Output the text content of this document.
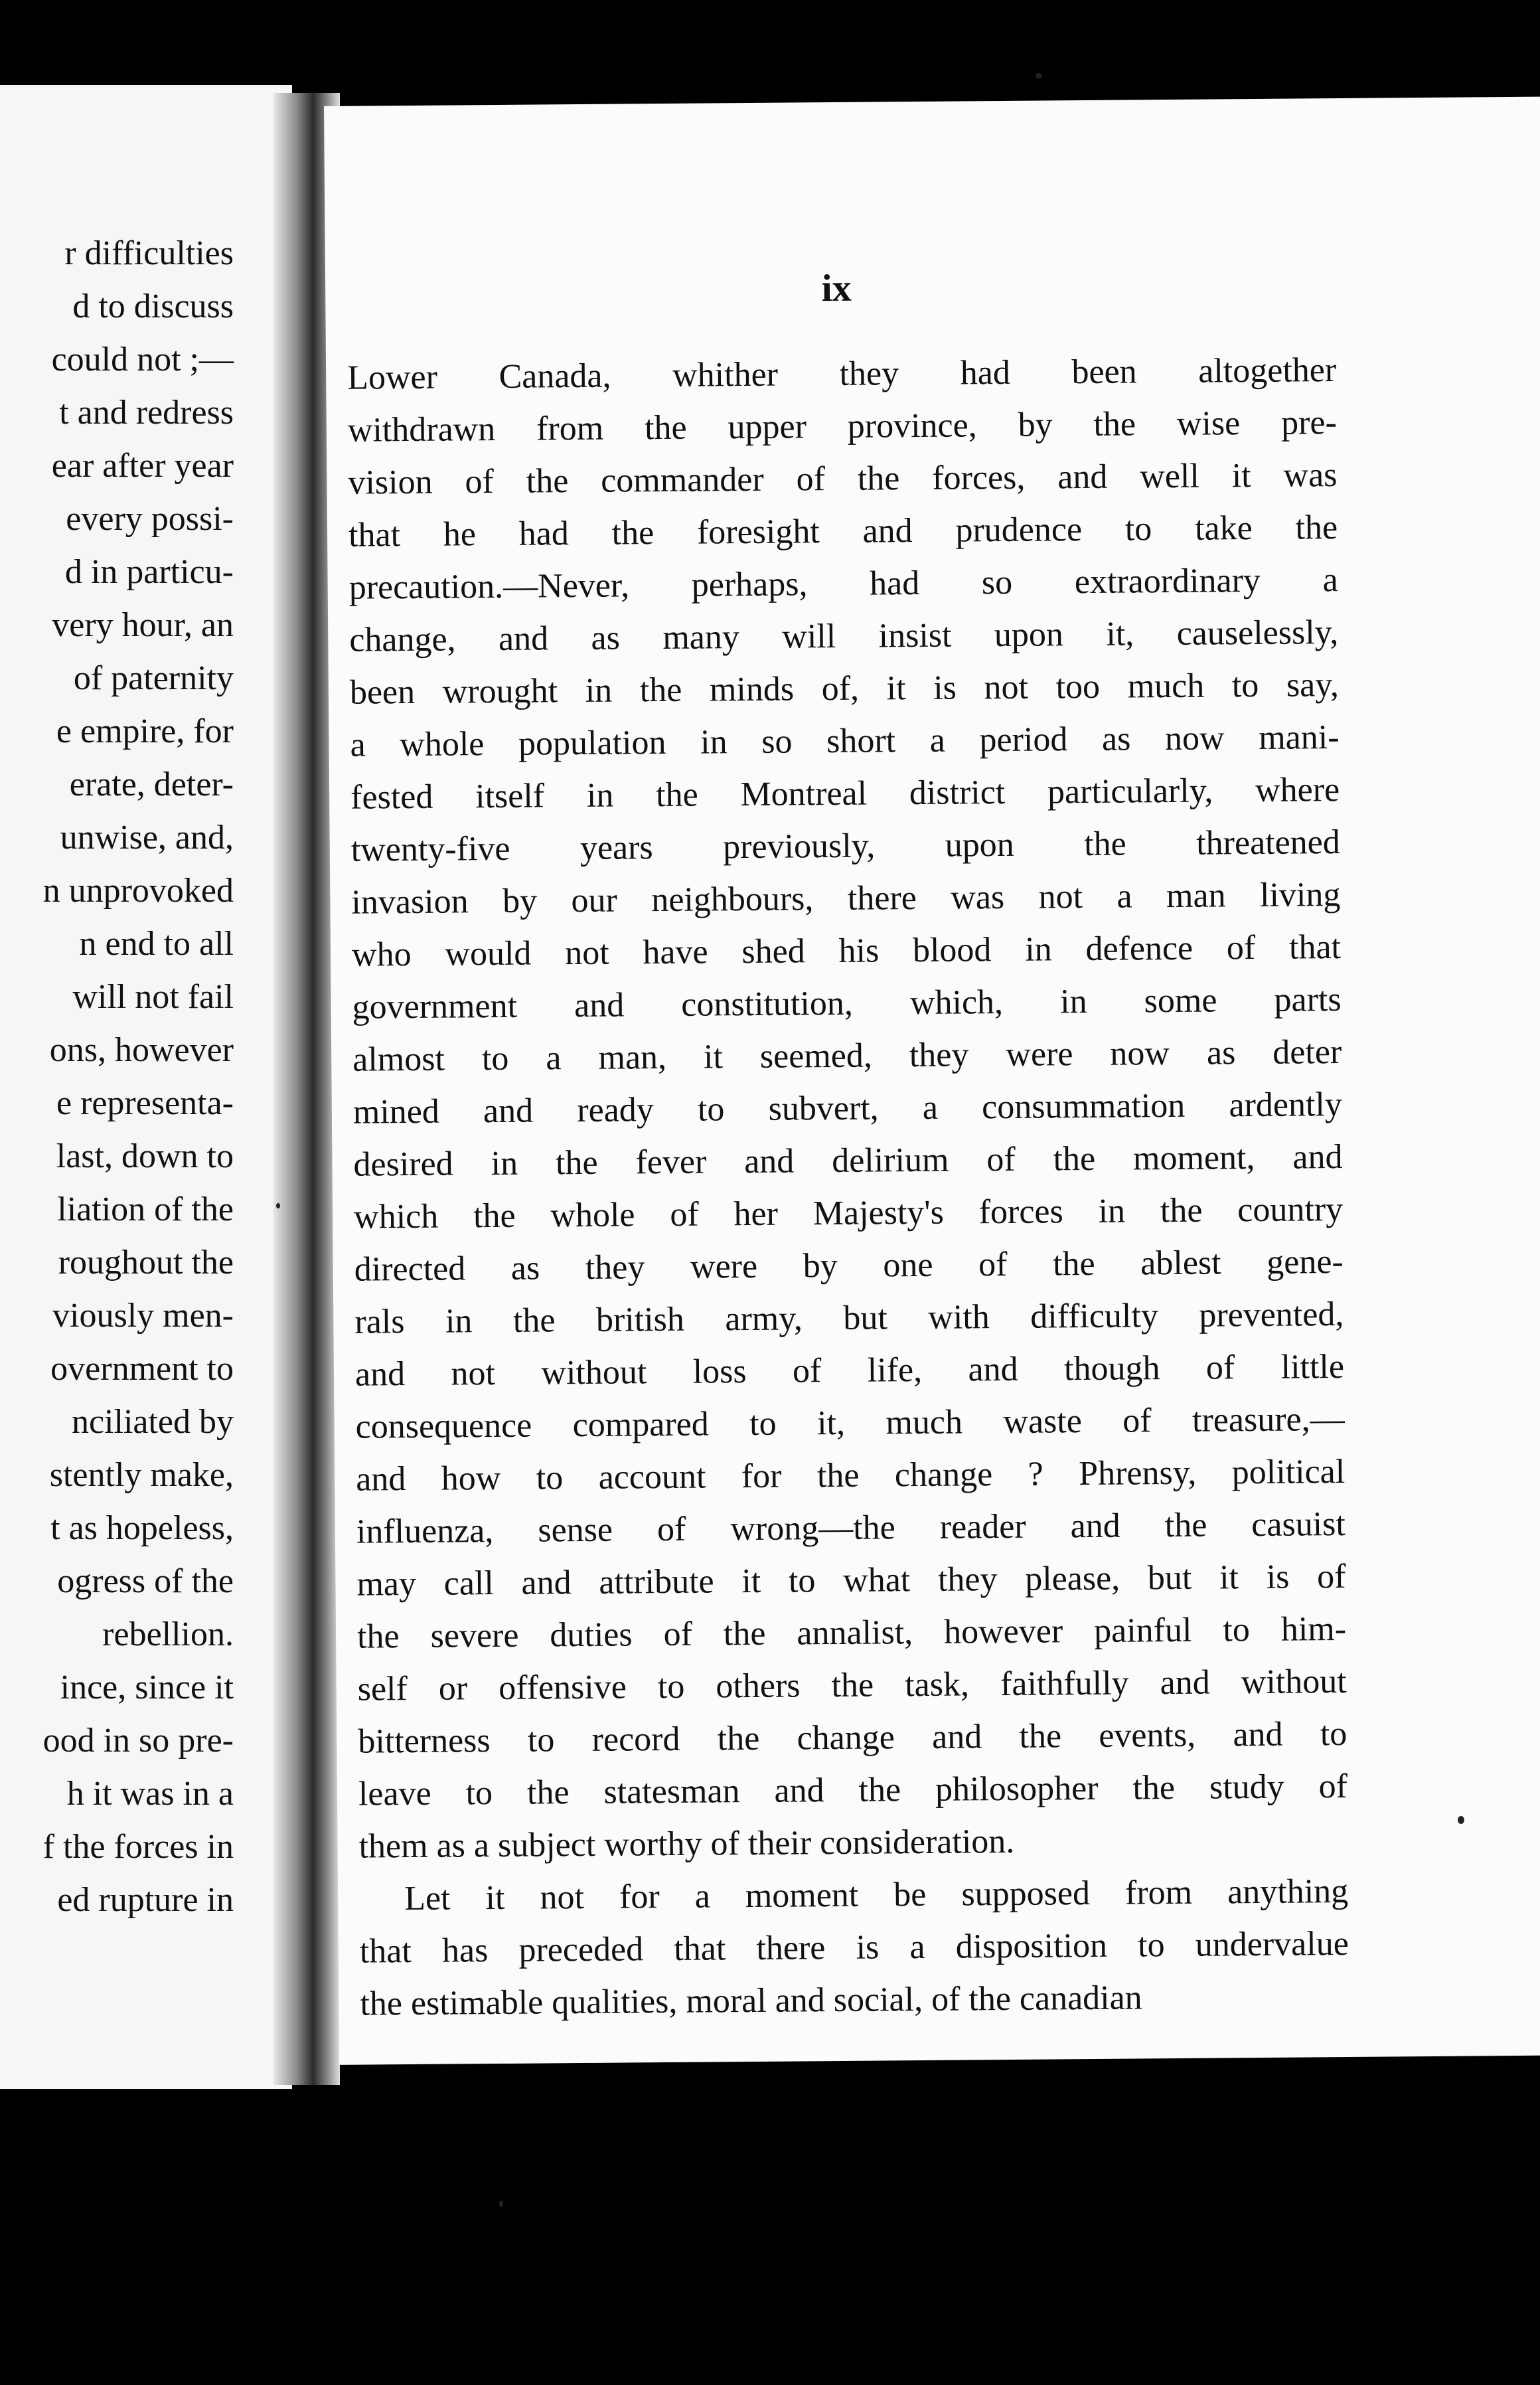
r difficulties
d to discuss
could not ;—
t and redress
ear after year
every possi-
d in particu-
very hour, an
of paternity
e empire, for
erate, deter-
unwise, and,
n unprovoked
n end to all
will not fail
ons, however
e representa-
last, down to
liation of the
roughout the
viously men-
overnment to
nciliated by
stently make,
t as hopeless,
ogress of the
rebellion.
ince, since it
ood in so pre-
h it was in a
f the forces in
ed rupture in
ix
Lower Canada, whither they had been altogether
withdrawn from the upper province, by the wise pre-
vision of the commander of the forces, and well it was
that he had the foresight and prudence to take the
precaution.—Never, perhaps, had so extraordinary a
change, and as many will insist upon it, causelessly,
been wrought in the minds of, it is not too much to say,
a whole population in so short a period as now mani-
fested itself in the Montreal district particularly, where
twenty-five years previously, upon the threatened
invasion by our neighbours, there was not a man living
who would not have shed his blood in defence of that
government and constitution, which, in some parts
almost to a man, it seemed, they were now as deter
mined and ready to subvert, a consummation ardently
desired in the fever and delirium of the moment, and
which the whole of her Majesty's forces in the country
directed as they were by one of the ablest gene-
rals in the british army, but with difficulty prevented,
and not without loss of life, and though of little
consequence compared to it, much waste of treasure,—
and how to account for the change ? Phrensy, political
influenza, sense of wrong—the reader and the casuist
may call and attribute it to what they please, but it is of
the severe duties of the annalist, however painful to him-
self or offensive to others the task, faithfully and without
bitterness to record the change and the events, and to
leave to the statesman and the philosopher the study of
them as a subject worthy of their consideration.
Let it not for a moment be supposed from anything
that has preceded that there is a disposition to undervalue
the estimable qualities, moral and social, of the canadian
